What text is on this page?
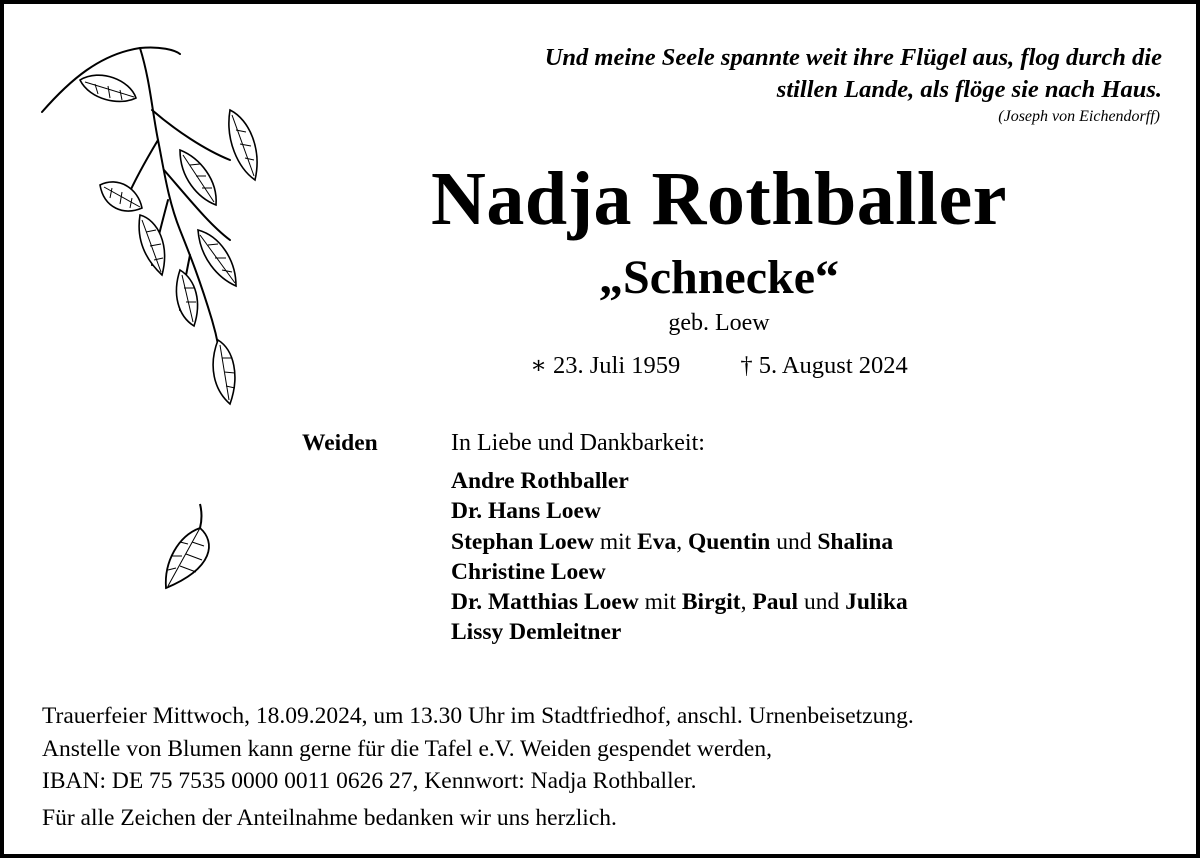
Und meine Seele spannte weit ihre Flügel aus, flog durch die
stillen Lande, als flöge sie nach Haus.
(Joseph von Eichendorff)
Nadja Rothballer
„Schnecke“
geb. Loew
∗ 23. Juli 1959 † 5. August 2024
Weiden	In Liebe und Dankbarkeit:
Andre Rothballer
Dr. Hans Loew
Stephan Loew mit Eva, Quentin und Shalina
Christine Loew
Dr. Matthias Loew mit Birgit, Paul und Julika
Lissy Demleitner
Trauerfeier Mittwoch, 18.09.2024, um 13.30 Uhr im Stadtfriedhof, anschl. Urnenbeisetzung.
Anstelle von Blumen kann gerne für die Tafel e.V. Weiden gespendet werden,
IBAN: DE 75 7535 0000 0011 0626 27, Kennwort: Nadja Rothballer.
Für alle Zeichen der Anteilnahme bedanken wir uns herzlich.
